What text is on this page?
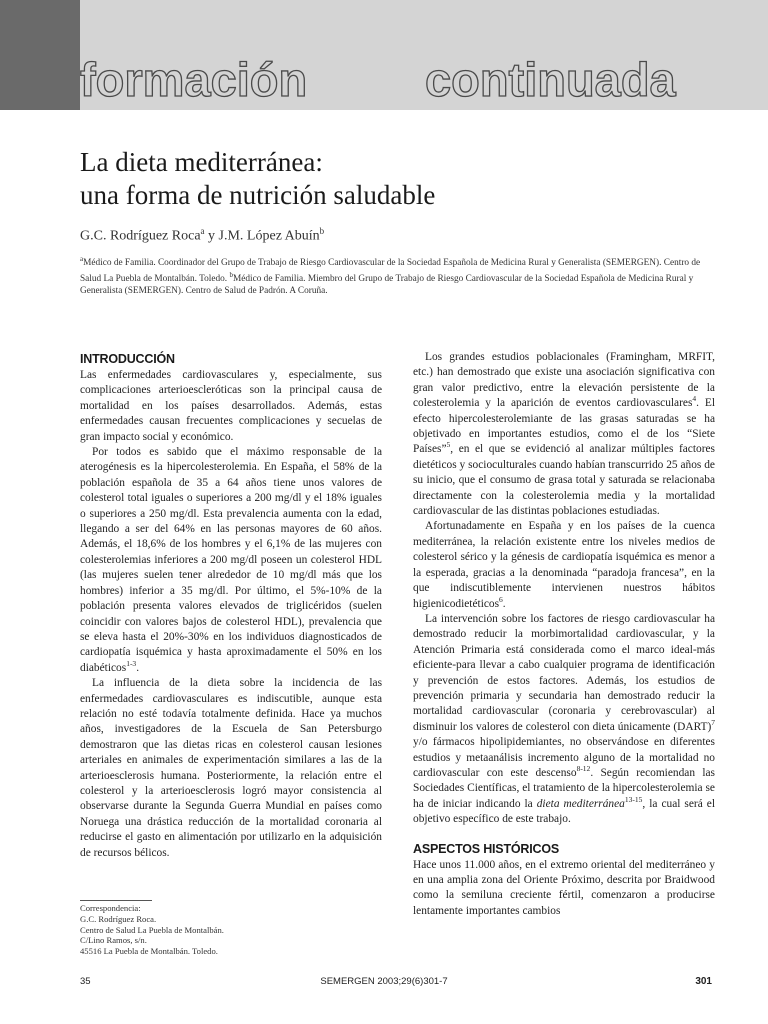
formación	continuada
La dieta mediterránea:
una forma de nutrición saludable
G.C. Rodríguez Roca$^a$ y J.M. López Abuín$^b$
$^a$Médico de Familia. Coordinador del Grupo de Trabajo de Riesgo Cardiovascular de la Sociedad Española de Medicina Rural y Generalista (SEMERGEN). Centro de Salud La Puebla de Montalbán. Toledo. $^b$Médico de Familia. Miembro del Grupo de Trabajo de Riesgo Cardiovascular de la Sociedad Española de Medicina Rural y Generalista (SEMERGEN). Centro de Salud de Padrón. A Coruña.
INTRODUCCIÓN

Las enfermedades cardiovasculares y, especialmente, sus complicaciones arterioescleróticas son la principal causa de mortalidad en los países desarrollados. Además, estas enfermedades causan frecuentes complicaciones y secuelas de gran impacto social y económico.

Por todos es sabido que el máximo responsable de la aterogénesis es la hipercolesterolemia. En España, el 58% de la población española de 35 a 64 años tiene unos valores de colesterol total iguales o superiores a 200 mg/dl y el 18% iguales o superiores a 250 mg/dl. Esta prevalencia aumenta con la edad, llegando a ser del 64% en las personas mayores de 60 años. Además, el 18,6% de los hombres y el 6,1% de las mujeres con colesterolemias inferiores a 200 mg/dl poseen un colesterol HDL (las mujeres suelen tener alrededor de 10 mg/dl más que los hombres) inferior a 35 mg/dl. Por último, el 5%-10% de la población presenta valores elevados de triglicéridos (suelen coincidir con valores bajos de colesterol HDL), prevalencia que se eleva hasta el 20%-30% en los individuos diagnosticados de cardiopatía isquémica y hasta aproximadamente el 50% en los diabéticos$^{1-3}$.

La influencia de la dieta sobre la incidencia de las enfermedades cardiovasculares es indiscutible, aunque esta relación no esté todavía totalmente definida. Hace ya muchos años, investigadores de la Escuela de San Petersburgo demostraron que las dietas ricas en colesterol causan lesiones arteriales en animales de experimentación similares a las de la arterioesclerosis humana. Posteriormente, la relación entre el colesterol y la arterioesclerosis logró mayor consistencia al observarse durante la Segunda Guerra Mundial en países como Noruega una drástica reducción de la mortalidad coronaria al reducirse el gasto en alimentación por utilizarlo en la adquisición de recursos bélicos.

Los grandes estudios poblacionales (Framingham, MRFIT, etc.) han demostrado que existe una asociación significativa con gran valor predictivo, entre la elevación persistente de la colesterolemia y la aparición de eventos cardiovasculares$^4$. El efecto hipercolesterolemiante de las grasas saturadas se ha objetivado en importantes estudios, como el de los “Siete Países”$^5$, en el que se evidenció al analizar múltiples factores dietéticos y socioculturales cuando habían transcurrido 25 años de su inicio, que el consumo de grasa total y saturada se relacionaba directamente con la colesterolemia media y la mortalidad cardiovascular de las distintas poblaciones estudiadas.

Afortunadamente en España y en los países de la cuenca mediterránea, la relación existente entre los niveles medios de colesterol sérico y la génesis de cardiopatía isquémica es menor a la esperada, gracias a la denominada “paradoja francesa”, en la que indiscutiblemente intervienen nuestros hábitos higienicodietéticos$^6$.

La intervención sobre los factores de riesgo cardiovascular ha demostrado reducir la morbimortalidad cardiovascular, y la Atención Primaria está considerada como el marco ideal-más eficiente-para llevar a cabo cualquier programa de identificación y prevención de estos factores. Además, los estudios de prevención primaria y secundaria han demostrado reducir la mortalidad cardiovascular (coronaria y cerebrovascular) al disminuir los valores de colesterol con dieta únicamente (DART)$^7$ y/o fármacos hipolipidemiantes, no observándose en diferentes estudios y metaanálisis incremento alguno de la mortalidad no cardiovascular con este descenso$^{8-12}$. Según recomiendan las Sociedades Científicas, el tratamiento de la hipercolesterolemia se ha de iniciar indicando la dieta mediterránea$^{13-15}$, la cual será el objetivo específico de este trabajo.

ASPECTOS HISTÓRICOS

Hace unos 11.000 años, en el extremo oriental del mediterráneo y en una amplia zona del Oriente Próximo, descrita por Braidwood como la semiluna creciente fértil, comenzaron a producirse lentamente importantes cambios

Correspondencia:
G.C. Rodríguez Roca.
Centro de Salud La Puebla de Montalbán.
C/Lino Ramos, s/n.
45516 La Puebla de Montalbán. Toledo.
35	SEMERGEN 2003;29(6)301-7	301
